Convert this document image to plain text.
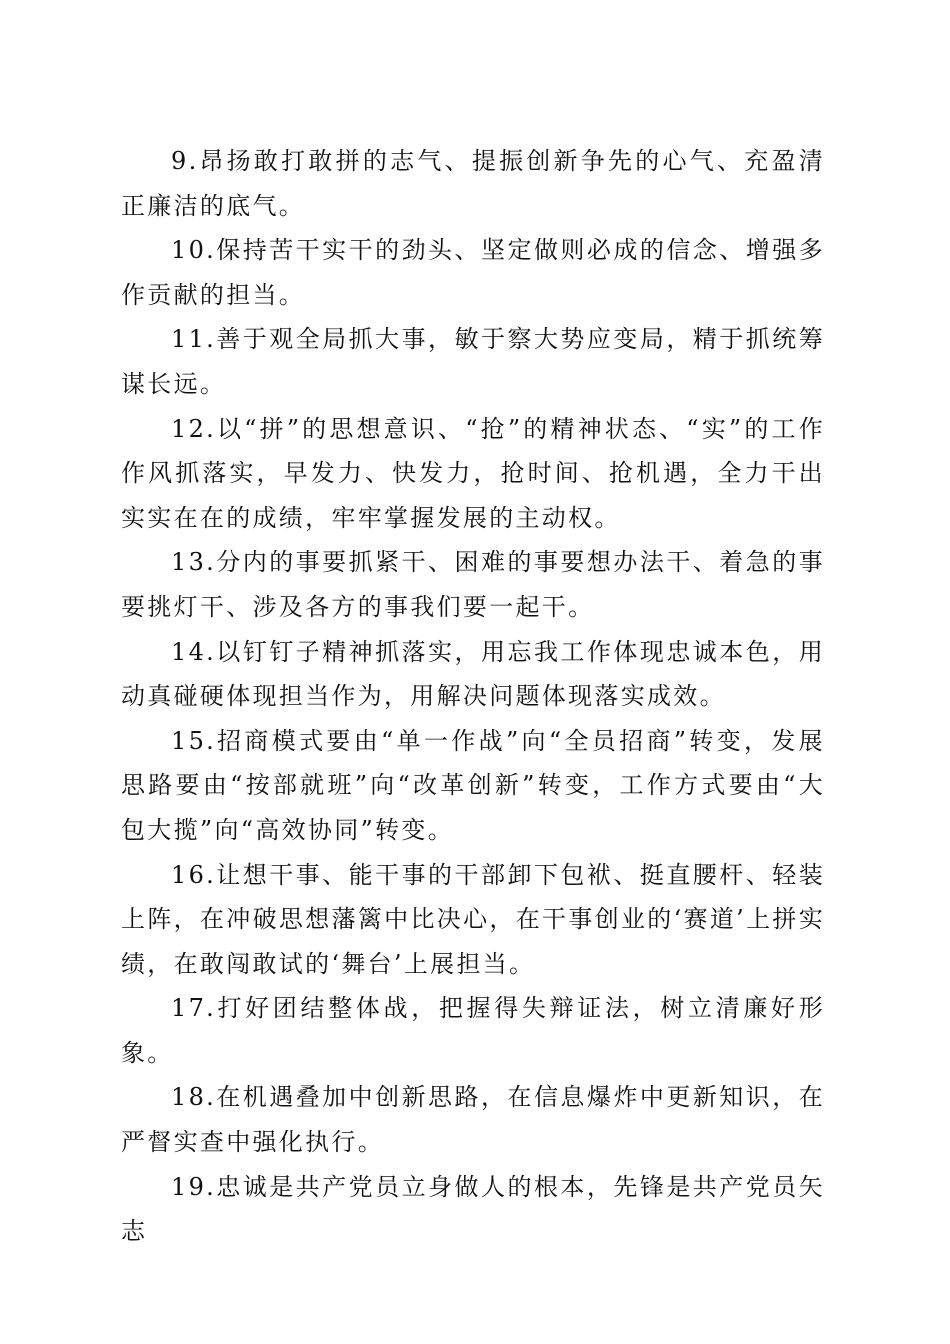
9.昂扬敢打敢拼的志气、提振创新争先的心气、充盈清正廉洁的底气。

10.保持苦干实干的劲头、坚定做则必成的信念、增强多作贡献的担当。

11.善于观全局抓大事，敏于察大势应变局，精于抓统筹谋长远。

12.以“拼”的思想意识、“抢”的精神状态、“实”的工作作风抓落实，早发力、快发力，抢时间、抢机遇，全力干出实实在在的成绩，牢牢掌握发展的主动权。

13.分内的事要抓紧干、困难的事要想办法干、着急的事要挑灯干、涉及各方的事我们要一起干。

14.以钉钉子精神抓落实，用忘我工作体现忠诚本色，用动真碰硬体现担当作为，用解决问题体现落实成效。

15.招商模式要由“单一作战”向“全员招商”转变，发展思路要由“按部就班”向“改革创新”转变，工作方式要由“大包大揽”向“高效协同”转变。

16.让想干事、能干事的干部卸下包袱、挺直腰杆、轻装上阵，在冲破思想藩篱中比决心，在干事创业的‘赛道’上拼实绩，在敢闯敢试的‘舞台’上展担当。

17.打好团结整体战，把握得失辩证法，树立清廉好形象。

18.在机遇叠加中创新思路，在信息爆炸中更新知识，在严督实查中强化执行。

19.忠诚是共产党员立身做人的根本，先锋是共产党员矢志
